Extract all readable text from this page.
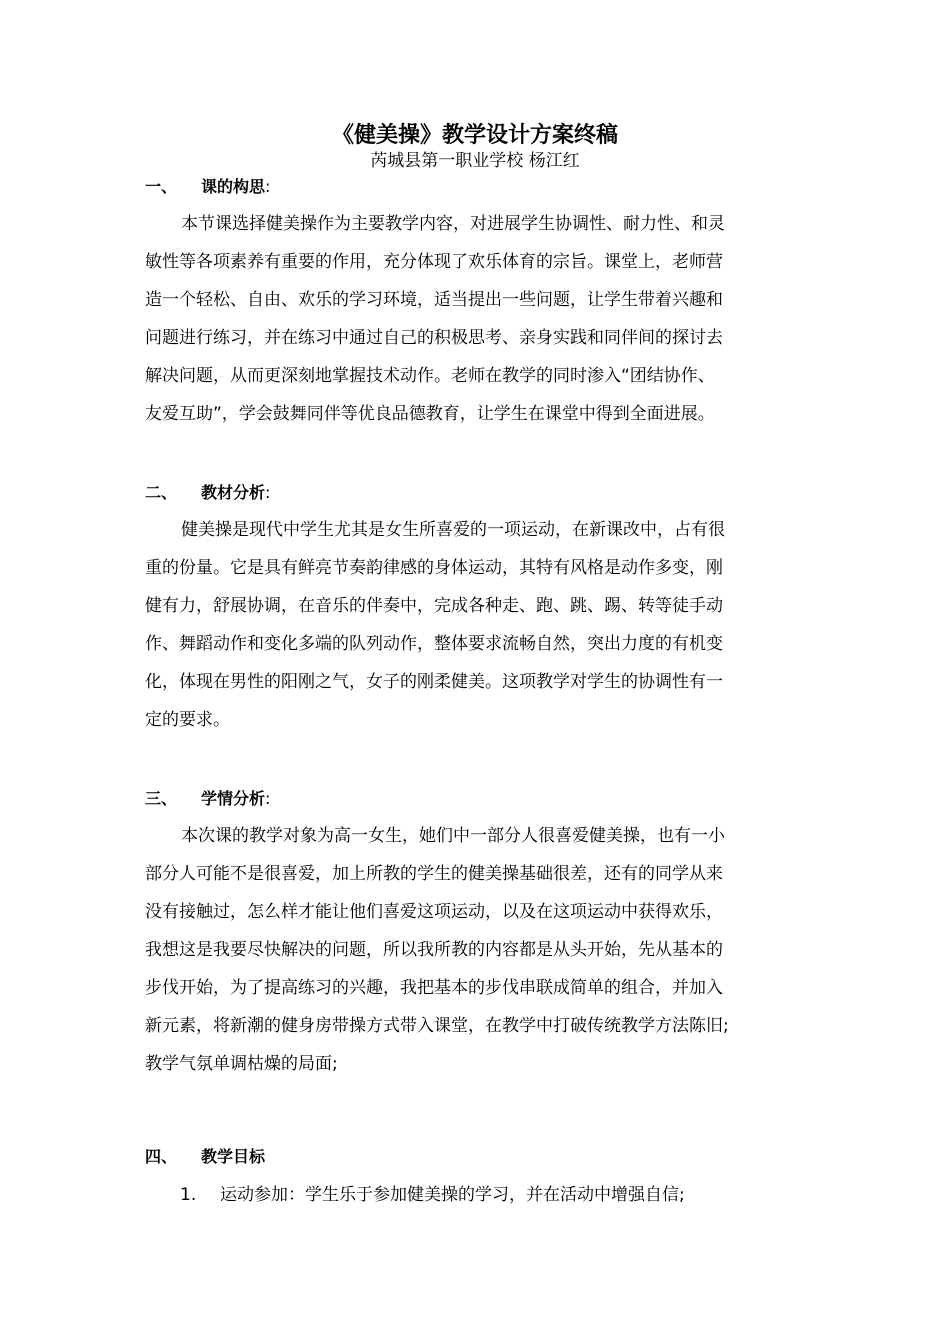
《健美操》教学设计方案终稿
芮城县第一职业学校 杨江红
一、 课的构思:
本节课选择健美操作为主要教学内容，对进展学生协调性、耐力性、和灵
敏性等各项素养有重要的作用，充分体现了欢乐体育的宗旨。课堂上，老师营
造一个轻松、自由、欢乐的学习环境，适当提出一些问题，让学生带着兴趣和
问题进行练习，并在练习中通过自己的积极思考、亲身实践和同伴间的探讨去
解决问题，从而更深刻地掌握技术动作。老师在教学的同时渗入“团结协作、
友爱互助”，学会鼓舞同伴等优良品德教育，让学生在课堂中得到全面进展。
二、 教材分析:
健美操是现代中学生尤其是女生所喜爱的一项运动，在新课改中，占有很
重的份量。它是具有鲜亮节奏韵律感的身体运动，其特有风格是动作多变，刚
健有力，舒展协调，在音乐的伴奏中，完成各种走、跑、跳、踢、转等徒手动
作、舞蹈动作和变化多端的队列动作，整体要求流畅自然，突出力度的有机变
化，体现在男性的阳刚之气，女子的刚柔健美。这项教学对学生的协调性有一
定的要求。
三、 学情分析:
本次课的教学对象为高一女生，她们中一部分人很喜爱健美操，也有一小
部分人可能不是很喜爱，加上所教的学生的健美操基础很差，还有的同学从来
没有接触过，怎么样才能让他们喜爱这项运动，以及在这项运动中获得欢乐，
我想这是我要尽快解决的问题，所以我所教的内容都是从头开始，先从基本的
步伐开始，为了提高练习的兴趣，我把基本的步伐串联成简单的组合，并加入
新元素，将新潮的健身房带操方式带入课堂，在教学中打破传统教学方法陈旧;
教学气氛单调枯燥的局面;
四、 教学目标
1. 运动参加：学生乐于参加健美操的学习，并在活动中增强自信;
